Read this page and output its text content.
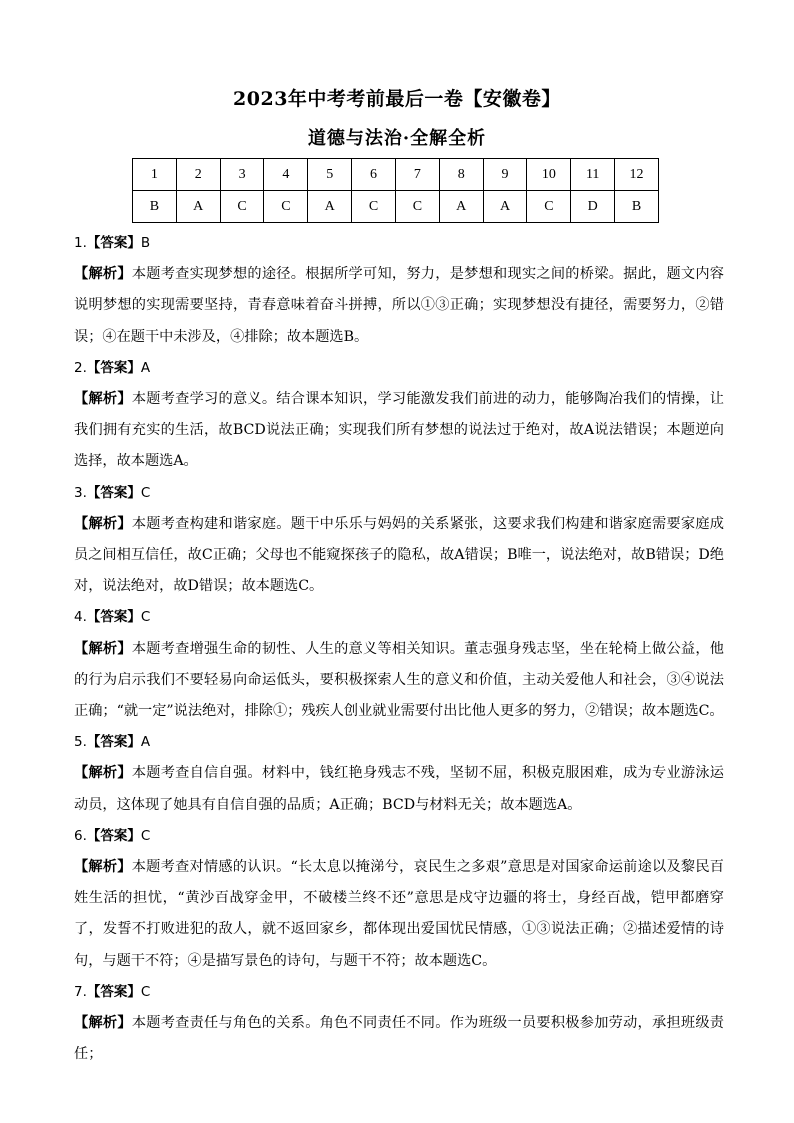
2023年中考考前最后一卷【安徽卷】
道德与法治·全解全析
1	2	3	4	5	6	7	8	9	10	11	12
B	A	C	C	A	C	C	A	A	C	D	B

1.【答案】B

【解析】本题考查实现梦想的途径。根据所学可知，努力，是梦想和现实之间的桥梁。据此，题文内容说明梦想的实现需要坚持，青春意味着奋斗拼搏，所以①③正确；实现梦想没有捷径，需要努力，②错误；④在题干中未涉及，④排除；故本题选B。

2.【答案】A

【解析】本题考查学习的意义。结合课本知识，学习能激发我们前进的动力，能够陶冶我们的情操，让我们拥有充实的生活，故BCD说法正确；实现我们所有梦想的说法过于绝对，故A说法错误；本题逆向选择，故本题选A。

3.【答案】C

【解析】本题考查构建和谐家庭。题干中乐乐与妈妈的关系紧张，这要求我们构建和谐家庭需要家庭成员之间相互信任，故C正确；父母也不能窥探孩子的隐私，故A错误；B唯一，说法绝对，故B错误；D绝对，说法绝对，故D错误；故本题选C。

4.【答案】C

【解析】本题考查增强生命的韧性、人生的意义等相关知识。董志强身残志坚，坐在轮椅上做公益，他的行为启示我们不要轻易向命运低头，要积极探索人生的意义和价值，主动关爱他人和社会，③④说法正确；“就一定”说法绝对，排除①；残疾人创业就业需要付出比他人更多的努力，②错误；故本题选C。

5.【答案】A

【解析】本题考查自信自强。材料中，钱红艳身残志不残，坚韧不屈，积极克服困难，成为专业游泳运动员，这体现了她具有自信自强的品质；A正确；BCD与材料无关；故本题选A。

6.【答案】C

【解析】本题考查对情感的认识。“长太息以掩涕兮，哀民生之多艰”意思是对国家命运前途以及黎民百姓生活的担忧，“黄沙百战穿金甲，不破楼兰终不还”意思是戍守边疆的将士，身经百战，铠甲都磨穿了，发誓不打败进犯的敌人，就不返回家乡，都体现出爱国忧民情感，①③说法正确；②描述爱情的诗句，与题干不符；④是描写景色的诗句，与题干不符；故本题选C。

7.【答案】C

【解析】本题考查责任与角色的关系。角色不同责任不同。作为班级一员要积极参加劳动，承担班级责任；
